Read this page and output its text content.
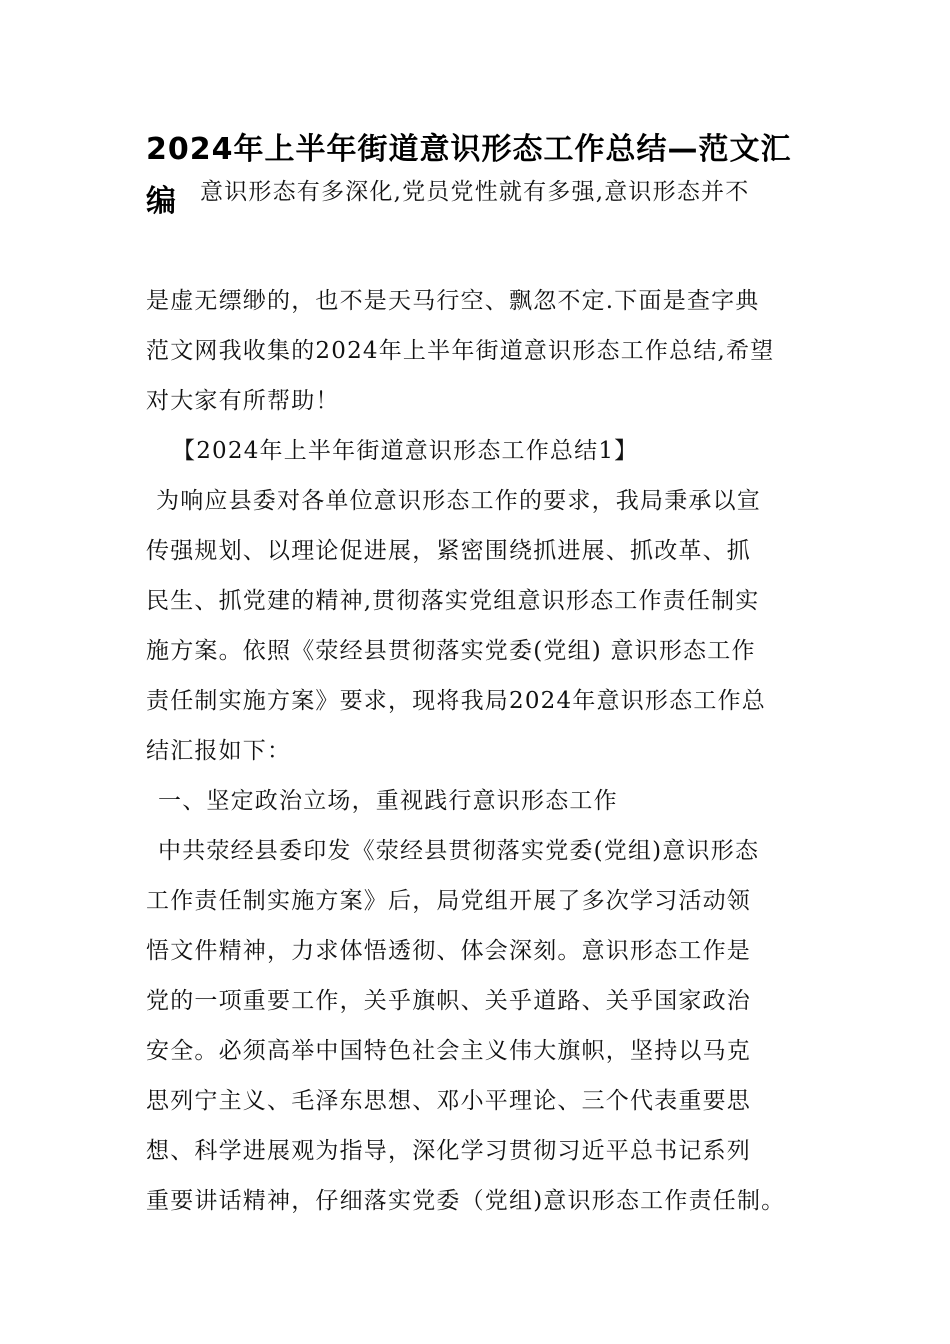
2024年上半年街道意识形态工作总结—范文汇编	意识形态有多深化,党员党性就有多强,意识形态并不

是虚无缥缈的，也不是天马行空、飘忽不定.下面是查字典

范文网我收集的2024年上半年街道意识形态工作总结,希望

对大家有所帮助！

【2024年上半年街道意识形态工作总结1】

为响应县委对各单位意识形态工作的要求，我局秉承以宣

传强规划、以理论促进展，紧密围绕抓进展、抓改革、抓

民生、抓党建的精神,贯彻落实党组意识形态工作责任制实

施方案。依照《荥经县贯彻落实党委(党组) 意识形态工作

责任制实施方案》要求，现将我局2024年意识形态工作总

结汇报如下：

一、坚定政治立场，重视践行意识形态工作

中共荥经县委印发《荥经县贯彻落实党委(党组)意识形态

工作责任制实施方案》后，局党组开展了多次学习活动领

悟文件精神，力求体悟透彻、体会深刻。意识形态工作是

党的一项重要工作，关乎旗帜、关乎道路、关乎国家政治

安全。必须高举中国特色社会主义伟大旗帜，坚持以马克

思列宁主义、毛泽东思想、邓小平理论、三个代表重要思

想、科学进展观为指导，深化学习贯彻习近平总书记系列

重要讲话精神，仔细落实党委（党组)意识形态工作责任制。
